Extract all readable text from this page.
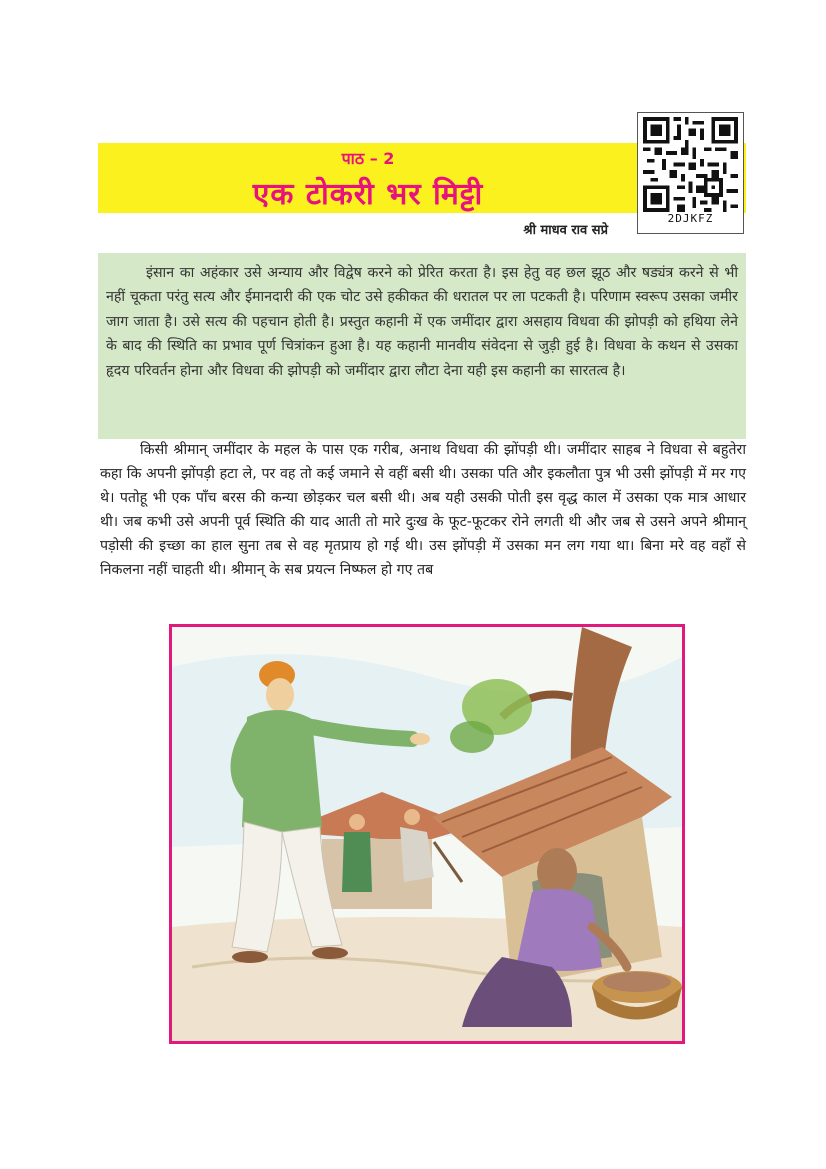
पाठ – 2
एक टोकरी भर मिट्टी
2DJKFZ
श्री माधव राव सप्रे
इंसान का अहंकार उसे अन्याय और विद्वेष करने को प्रेरित करता है। इस हेतु वह छल झूठ और षड्यंत्र करने से भी नहीं चूकता परंतु सत्य और ईमानदारी की एक चोट उसे हकीकत की धरातल पर ला पटकती है। परिणाम स्वरूप उसका जमीर जाग जाता है। उसे सत्य की पहचान होती है। प्रस्तुत कहानी में एक जमींदार द्वारा असहाय विधवा की झोपड़ी को हथिया लेने के बाद की स्थिति का प्रभाव पूर्ण चित्रांकन हुआ है। यह कहानी मानवीय संवेदना से जुड़ी हुई है। विधवा के कथन से उसका हृदय परिवर्तन होना और विधवा की झोपड़ी को जमींदार द्वारा लौटा देना यही इस कहानी का सारतत्व है।
किसी श्रीमान् जमींदार के महल के पास एक गरीब, अनाथ विधवा की झोंपड़ी थी। जमींदार साहब ने विधवा से बहुतेरा कहा कि अपनी झोंपड़ी हटा ले, पर वह तो कई जमाने से वहीं बसी थी। उसका पति और इकलौता पुत्र भी उसी झोंपड़ी में मर गए थे। पतोहू भी एक पाँच बरस की कन्या छोड़कर चल बसी थी। अब यही उसकी पोती इस वृद्ध काल में उसका एक मात्र आधार थी। जब कभी उसे अपनी पूर्व स्थिति की याद आती तो मारे दुःख के फूट-फूटकर रोने लगती थी और जब से उसने अपने श्रीमान् पड़ोसी की इच्छा का हाल सुना तब से वह मृतप्राय हो गई थी। उस झोंपड़ी में उसका मन लग गया था। बिना मरे वह वहाँ से निकलना नहीं चाहती थी। श्रीमान् के सब प्रयत्न निष्फल हो गए तब
